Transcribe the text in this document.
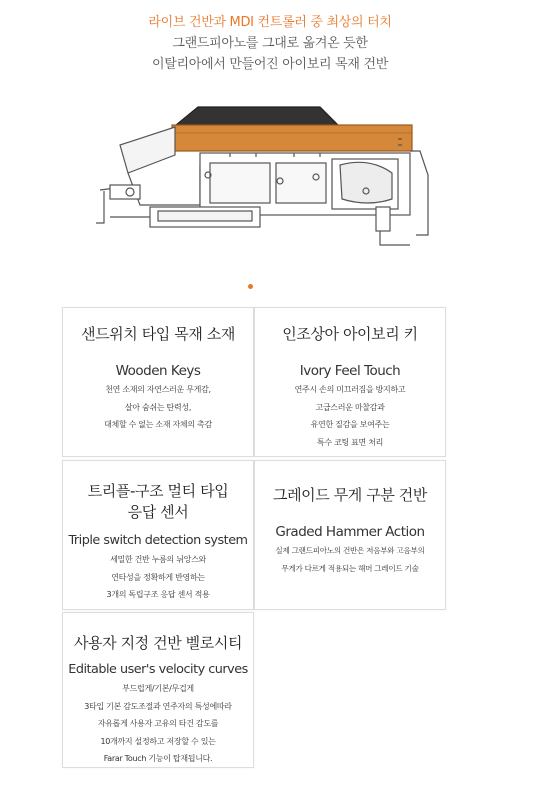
라이브 건반과 MDI 컨트롤러 중 최상의 터치
그랜드피아노를 그대로 옮겨온 듯한
이탈리아에서 만들어진 아이보리 목재 건반
샌드위치 타입 목재 소재
Wooden Keys
천연 소재의 자연스러운 무게감,
살아 숨쉬는 탄력성,
대체할 수 없는 소재 자체의 촉감
인조상아 아이보리 키
Ivory Feel Touch
연주시 손의 미끄러짐을 방지하고
고급스러운 마찰감과
유연한 질감을 보여주는
특수 코팅 표면 처리
트리플-구조 멀티 타입
응답 센서
Triple switch detection system
세밀한 건반 누름의 뉘앙스와
연타성을 정확하게 반영하는
3개의 독립구조 응답 센서 적용
그레이드 무게 구분 건반
Graded Hammer Action
실제 그랜드피아노의 건반은 저음부와 고음부의
무게가 다르게 적용되는 해머 그레이드 기술
사용자 지정 건반 벨로시티
Editable user's velocity curves
부드럽게/기본/무겁게
3타입 기본 감도조절과 연주자의 특성에따라
자유롭게 사용자 고유의 타건 감도를
10개까지 설정하고 저장할 수 있는
Farar Touch 기능이 탑재됩니다.
